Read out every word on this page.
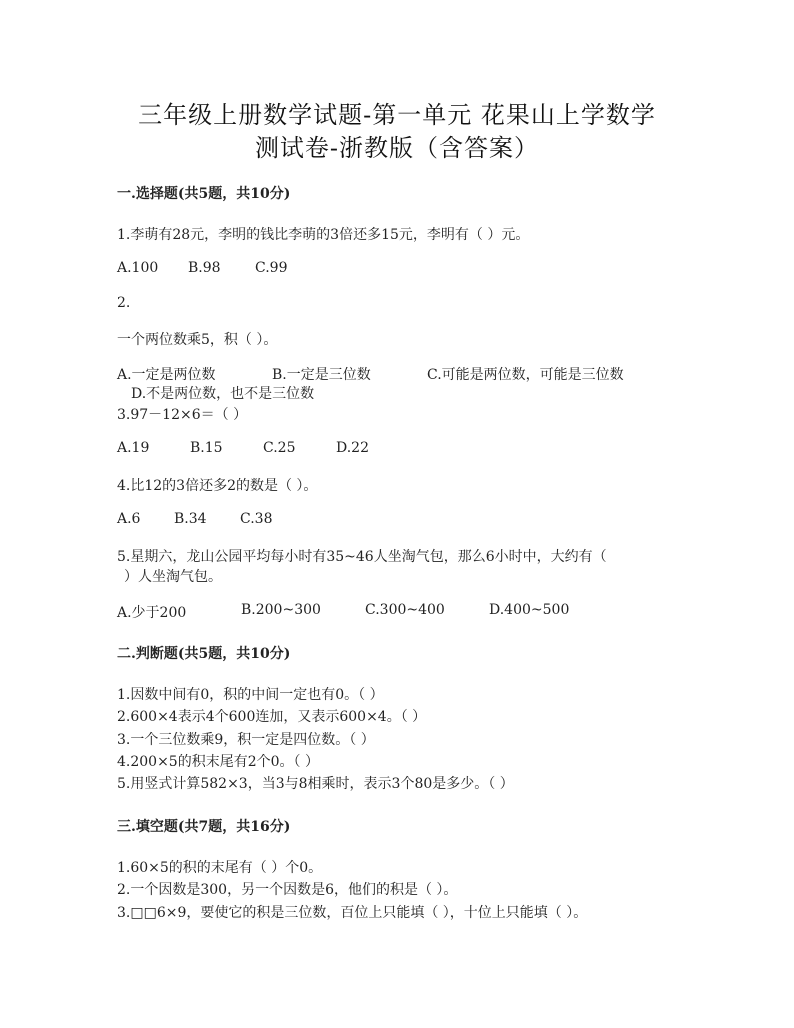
三年级上册数学试题-第一单元 花果山上学数学
测试卷-浙教版（含答案）
一.选择题(共5题，共10分)
1.李萌有28元，李明的钱比李萌的3倍还多15元，李明有（ ）元。
A.100 B.98 C.99
2.
一个两位数乘5，积（ ）。
A.一定是两位数	B.一定是三位数	C.可能是两位数，可能是三位数
D.不是两位数，也不是三位数
3.97－12×6＝（ ）
A.19	B.15	C.25	D.22
4.比12的3倍还多2的数是（ ）。
A.6 B.34 C.38
5.星期六，龙山公园平均每小时有35~46人坐淘气包，那么6小时中，大约有（
）人坐淘气包。
A.少于200	B.200~300	C.300~400	D.400~500
二.判断题(共5题，共10分)
1.因数中间有0，积的中间一定也有0。（ ）
2.600×4表示4个600连加，又表示600×4。（ ）
3.一个三位数乘9，积一定是四位数。（ ）
4.200×5的积末尾有2个0。（ ）
5.用竖式计算582×3，当3与8相乘时，表示3个80是多少。（ ）
三.填空题(共7题，共16分)
1.60×5的积的末尾有（ ）个0。
2.一个因数是300，另一个因数是6，他们的积是（ ）。
3.□□6×9，要使它的积是三位数，百位上只能填（ ），十位上只能填（ ）。
